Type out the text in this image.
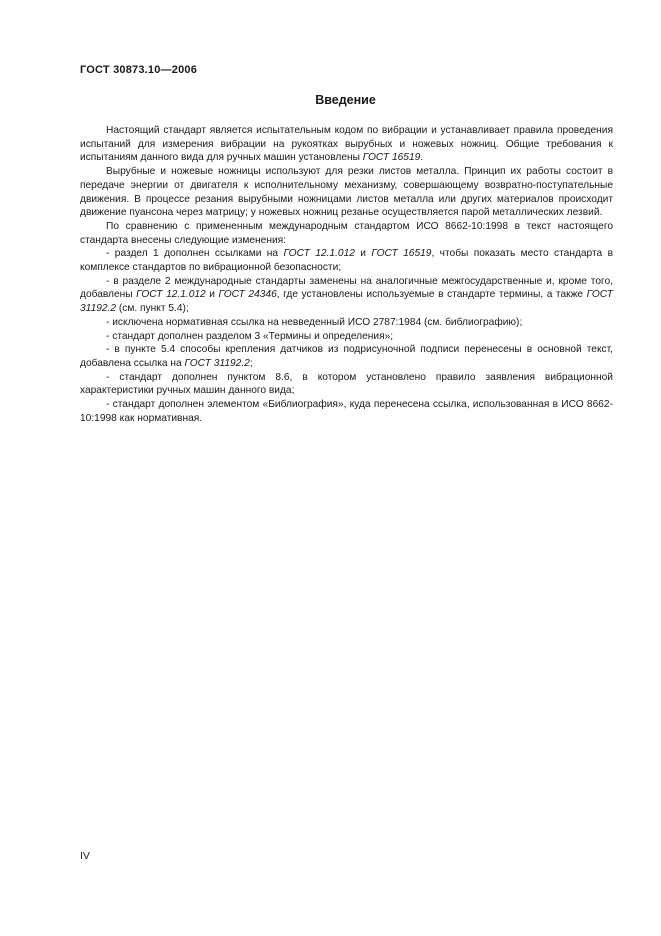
ГОСТ 30873.10—2006
Введение

Настоящий стандарт является испытательным кодом по вибрации и устанавливает правила проведения испытаний для измерения вибрации на рукоятках вырубных и ножевых ножниц. Общие требования к испытаниям данного вида для ручных машин установлены ГОСТ 16519.

Вырубные и ножевые ножницы используют для резки листов металла. Принцип их работы состоит в передаче энергии от двигателя к исполнительному механизму, совершающему возвратно-поступательные движения. В процессе резания вырубными ножницами листов металла или других материалов происходит движение пуансона через матрицу; у ножевых ножниц резанье осуществляется парой металлических лезвий.

По сравнению с примененным международным стандартом ИСО 8662-10:1998 в текст настоящего стандарта внесены следующие изменения:

- раздел 1 дополнен ссылками на ГОСТ 12.1.012 и ГОСТ 16519, чтобы показать место стандарта в комплексе стандартов по вибрационной безопасности;

- в разделе 2 международные стандарты заменены на аналогичные межгосударственные и, кроме того, добавлены ГОСТ 12.1.012 и ГОСТ 24346, где установлены используемые в стандарте термины, а также ГОСТ 31192.2 (см. пункт 5.4);

- исключена нормативная ссылка на невведенный ИСО 2787:1984 (см. библиографию);

- стандарт дополнен разделом 3 «Термины и определения»;

- в пункте 5.4 способы крепления датчиков из подрисуночной подписи перенесены в основной текст, добавлена ссылка на ГОСТ 31192.2;

- стандарт дополнен пунктом 8.6, в котором установлено правило заявления вибрационной характеристики ручных машин данного вида;

- стандарт дополнен элементом «Библиография», куда перенесена ссылка, использованная в ИСО 8662-10:1998 как нормативная.

IV
